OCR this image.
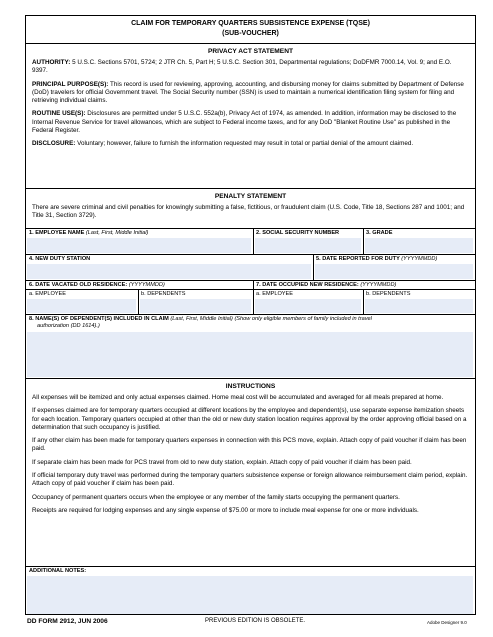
CLAIM FOR TEMPORARY QUARTERS SUBSISTENCE EXPENSE (TQSE)
(SUB-VOUCHER)
PRIVACY ACT STATEMENT

AUTHORITY: 5 U.S.C. Sections 5701, 5724; 2 JTR Ch. 5, Part H; 5 U.S.C. Section 301, Departmental regulations; DoDFMR 7000.14, Vol. 9; and E.O. 9397.

PRINCIPAL PURPOSE(S): This record is used for reviewing, approving, accounting, and disbursing money for claims submitted by Department of Defense (DoD) travelers for official Government travel. The Social Security number (SSN) is used to maintain a numerical identification filing system for filing and retrieving individual claims.

ROUTINE USE(S): Disclosures are permitted under 5 U.S.C. 552a(b), Privacy Act of 1974, as amended. In addition, information may be disclosed to the Internal Revenue Service for travel allowances, which are subject to Federal income taxes, and for any DoD "Blanket Routine Use" as published in the Federal Register.

DISCLOSURE: Voluntary; however, failure to furnish the information requested may result in total or partial denial of the amount claimed.

PENALTY STATEMENT

There are severe criminal and civil penalties for knowingly submitting a false, fictitious, or fraudulent claim (U.S. Code, Title 18, Sections 287 and 1001; and Title 31, Section 3729).

1. EMPLOYEE NAME (Last, First, Middle Initial)	2. SOCIAL SECURITY NUMBER	3. GRADE
4. NEW DUTY STATION	5. DATE REPORTED FOR DUTY (YYYYMMDD)
6. DATE VACATED OLD RESIDENCE: (YYYYMMDD)	7. DATE OCCUPIED NEW RESIDENCE: (YYYYMMDD)
a. EMPLOYEE	b. DEPENDENTS	a. EMPLOYEE	b. DEPENDENTS
8. NAME(S) OF DEPENDENT(S) INCLUDED IN CLAIM (Last, First, Middle Initial) (Show only eligible members of family included in travel
authorization (DD 1614).)
INSTRUCTIONS

All expenses will be itemized and only actual expenses claimed. Home meal cost will be accumulated and averaged for all meals prepared at home.

If expenses claimed are for temporary quarters occupied at different locations by the employee and dependent(s), use separate expense itemization sheets for each location. Temporary quarters occupied at other than the old or new duty station location requires approval by the order approving official based on a determination that such occupancy is justified.

If any other claim has been made for temporary quarters expenses in connection with this PCS move, explain. Attach copy of paid voucher if claim has been paid.

If separate claim has been made for PCS travel from old to new duty station, explain. Attach copy of paid voucher if claim has been paid.

If official temporary duty travel was performed during the temporary quarters subsistence expense or foreign allowance reimbursement claim period, explain. Attach copy of paid voucher if claim has been paid.

Occupancy of permanent quarters occurs when the employee or any member of the family starts occupying the permanent quarters.

Receipts are required for lodging expenses and any single expense of $75.00 or more to include meal expense for one or more individuals.

ADDITIONAL NOTES:
DD FORM 2912, JUN 2006	PREVIOUS EDITION IS OBSOLETE.	Adobe Designer 9.0
